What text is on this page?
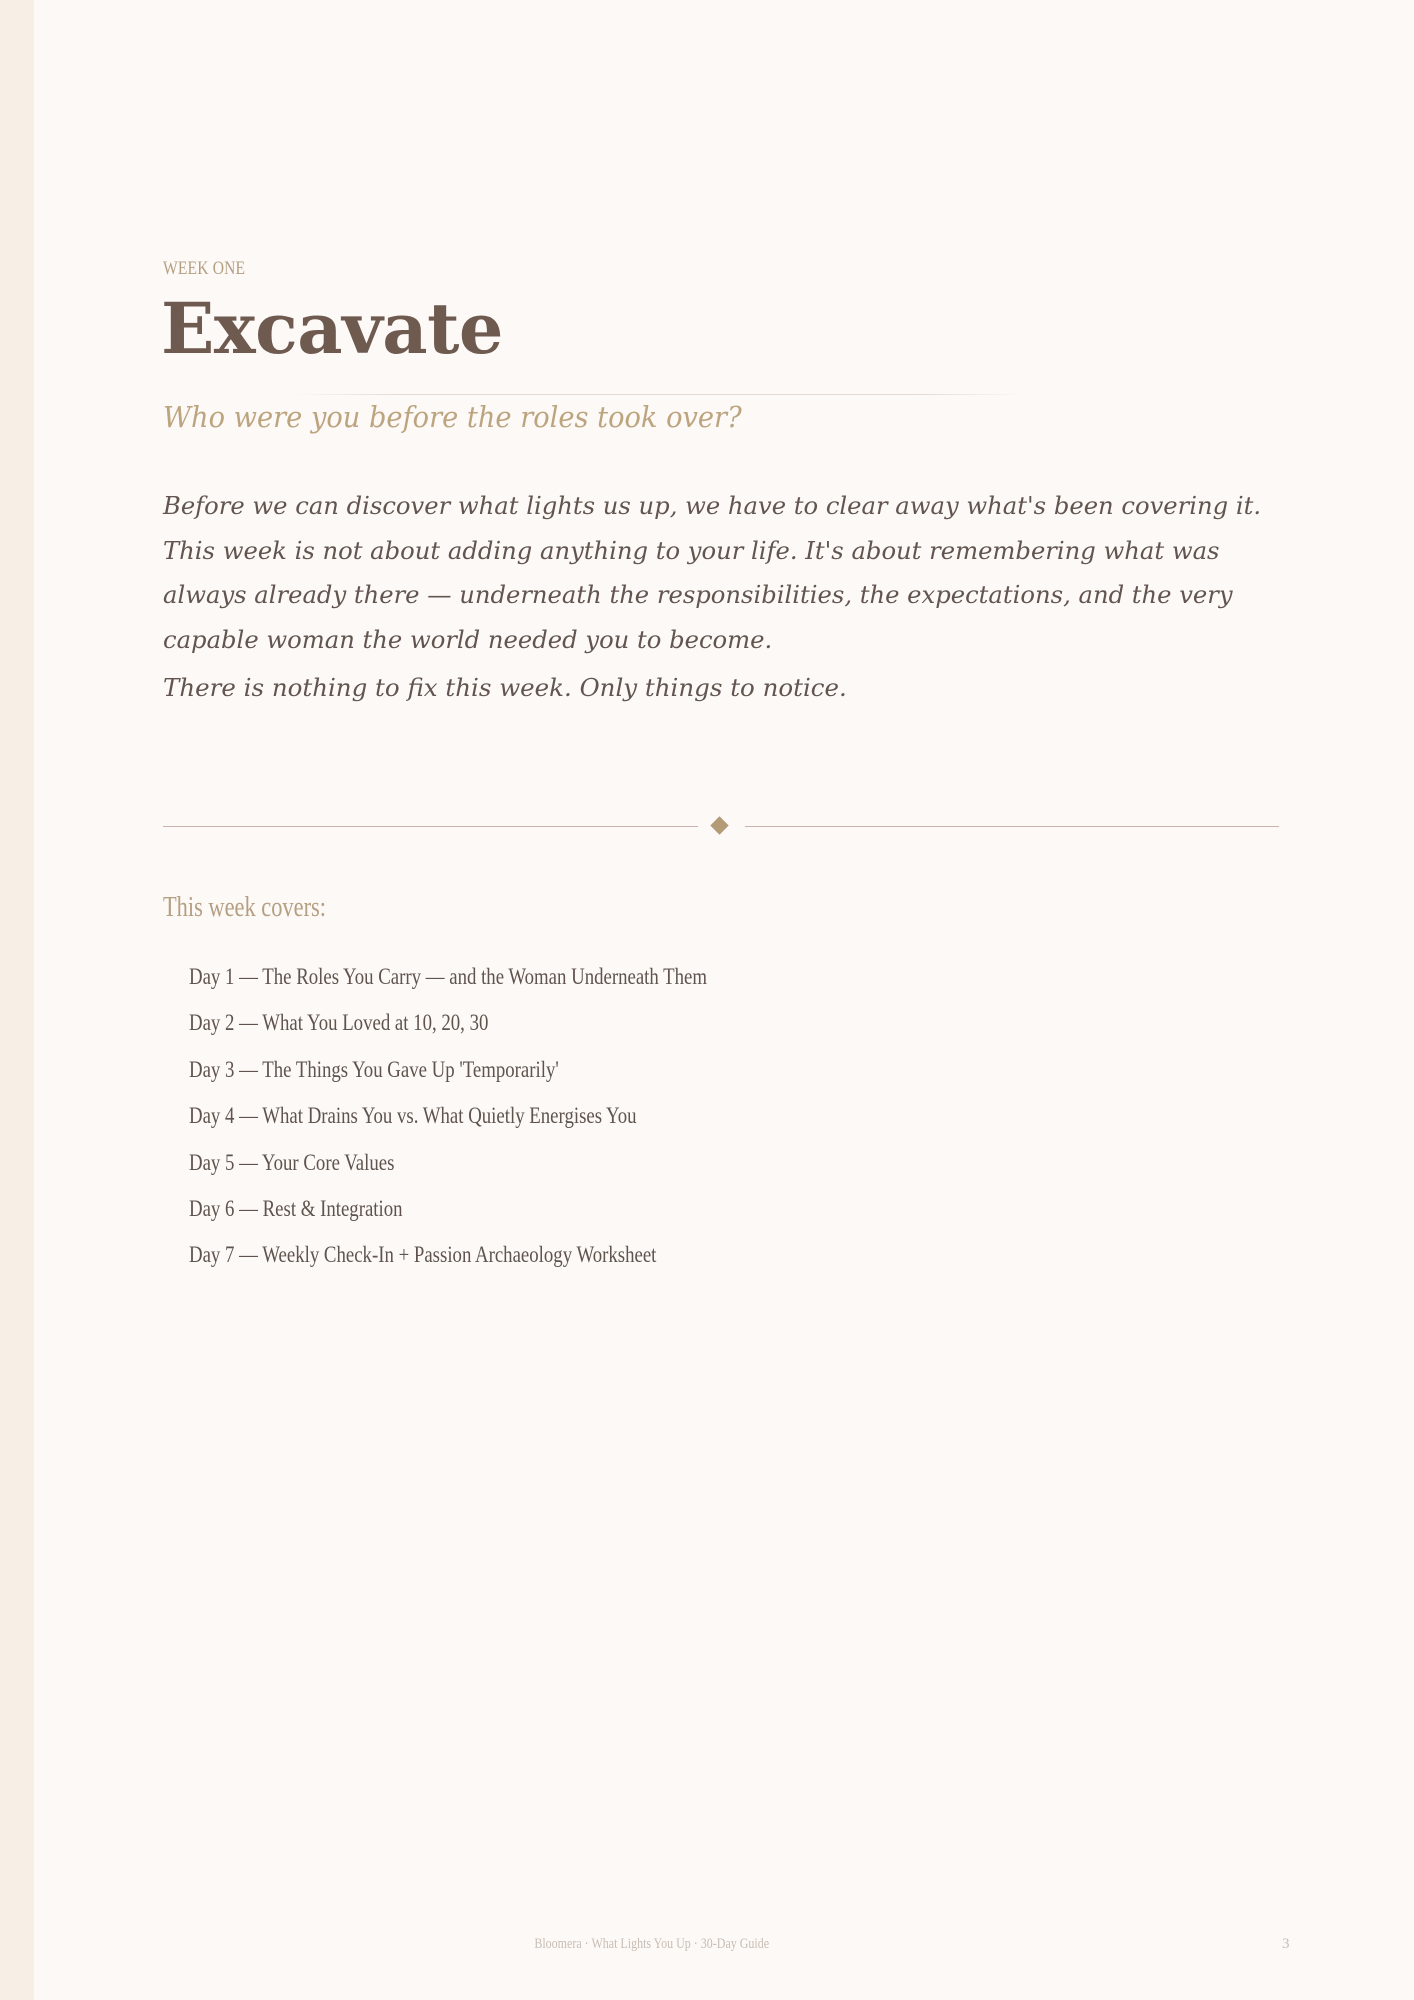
WEEK ONE
Excavate
Who were you before the roles took over?

Before we can discover what lights us up, we have to clear away what's been covering it. This week is not about adding anything to your life. It's about remembering what was always already there — underneath the responsibilities, the expectations, and the very capable woman the world needed you to become.

There is nothing to fix this week. Only things to notice.

This week covers:
Day 1 — The Roles You Carry — and the Woman Underneath Them
Day 2 — What You Loved at 10, 20, 30
Day 3 — The Things You Gave Up 'Temporarily'
Day 4 — What Drains You vs. What Quietly Energises You
Day 5 — Your Core Values
Day 6 — Rest & Integration
Day 7 — Weekly Check-In + Passion Archaeology Worksheet
Bloomera · What Lights You Up · 30-Day Guide	3
